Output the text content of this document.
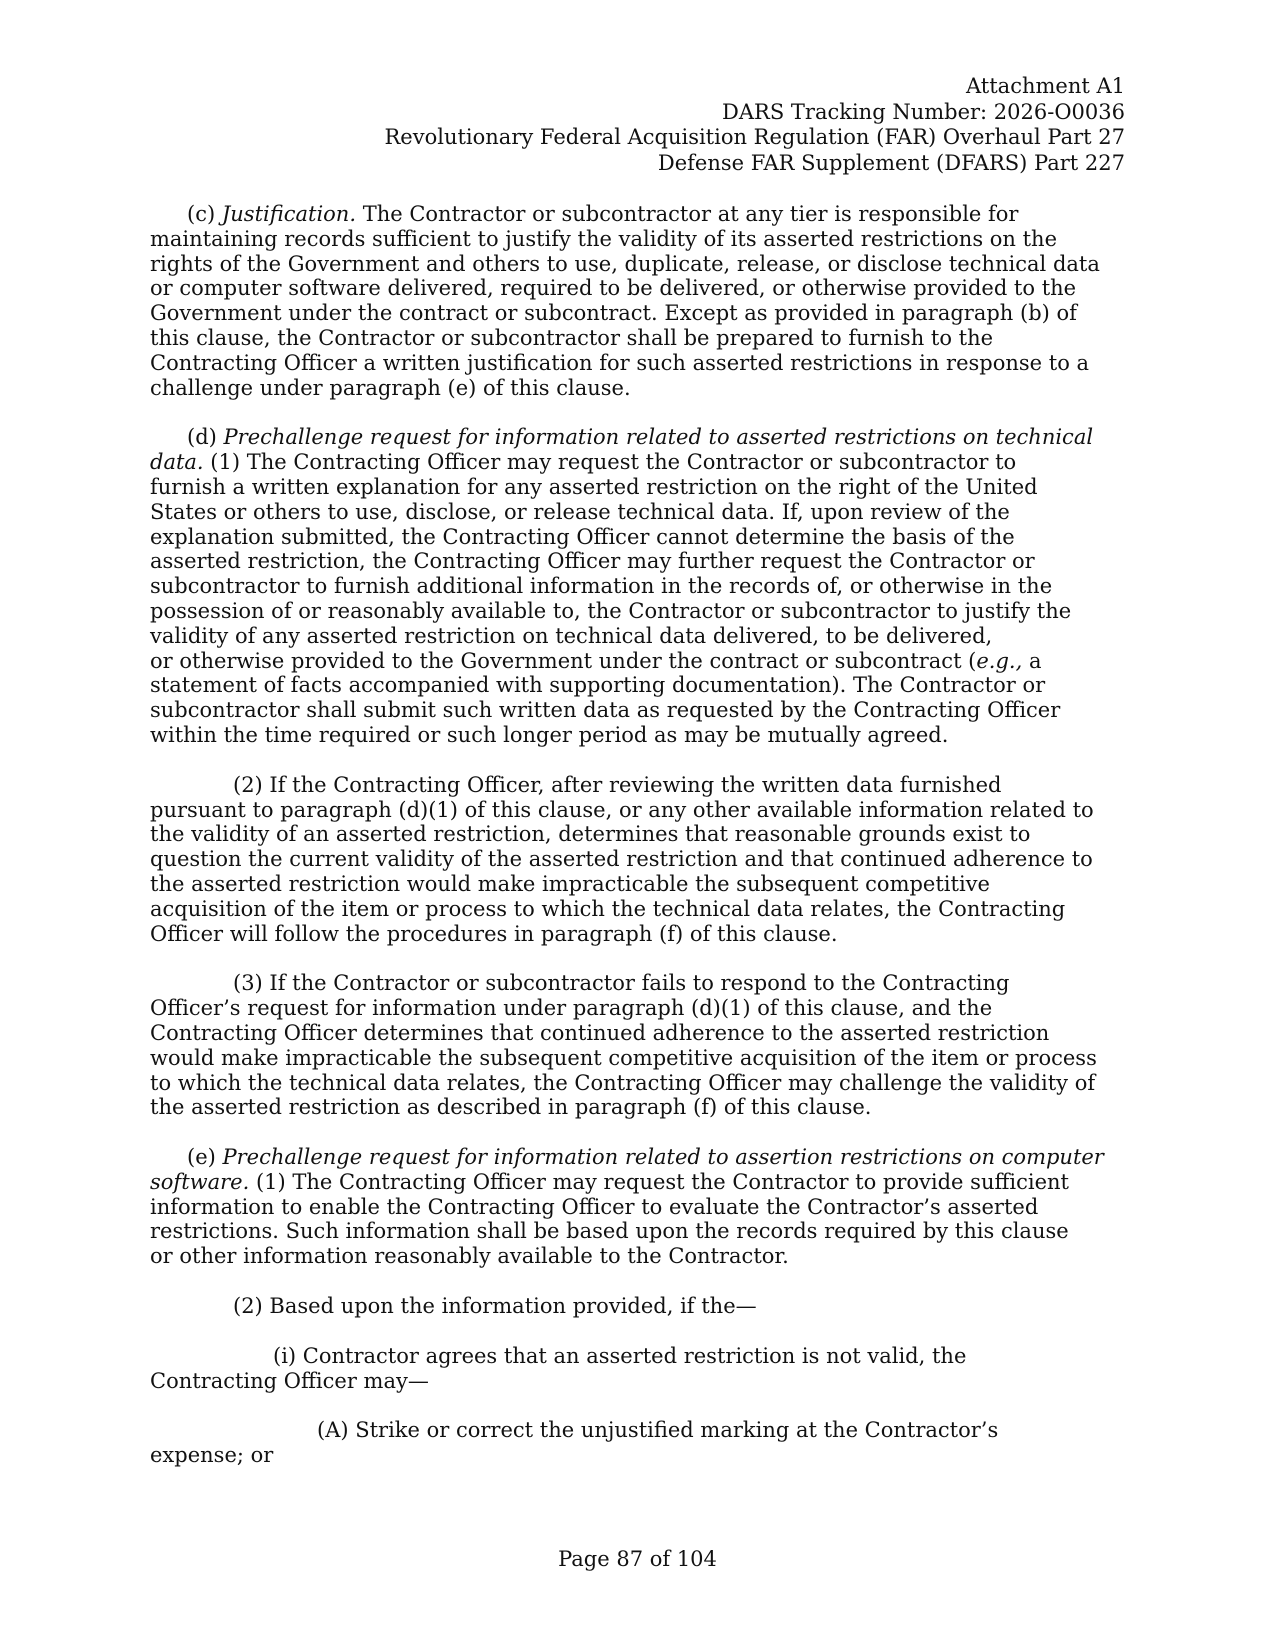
Attachment A1
DARS Tracking Number: 2026-O0036
Revolutionary Federal Acquisition Regulation (FAR) Overhaul Part 27
Defense FAR Supplement (DFARS) Part 227

(c) Justification. The Contractor or subcontractor at any tier is responsible for
maintaining records sufficient to justify the validity of its asserted restrictions on the
rights of the Government and others to use, duplicate, release, or disclose technical data
or computer software delivered, required to be delivered, or otherwise provided to the
Government under the contract or subcontract. Except as provided in paragraph (b) of
this clause, the Contractor or subcontractor shall be prepared to furnish to the
Contracting Officer a written justification for such asserted restrictions in response to a
challenge under paragraph (e) of this clause.

(d) Prechallenge request for information related to asserted restrictions on technical
data. (1) The Contracting Officer may request the Contractor or subcontractor to
furnish a written explanation for any asserted restriction on the right of the United
States or others to use, disclose, or release technical data. If, upon review of the
explanation submitted, the Contracting Officer cannot determine the basis of the
asserted restriction, the Contracting Officer may further request the Contractor or
subcontractor to furnish additional information in the records of, or otherwise in the
possession of or reasonably available to, the Contractor or subcontractor to justify the
validity of any asserted restriction on technical data delivered, to be delivered,
or otherwise provided to the Government under the contract or subcontract (e.g., a
statement of facts accompanied with supporting documentation). The Contractor or
subcontractor shall submit such written data as requested by the Contracting Officer
within the time required or such longer period as may be mutually agreed.

(2) If the Contracting Officer, after reviewing the written data furnished
pursuant to paragraph (d)(1) of this clause, or any other available information related to
the validity of an asserted restriction, determines that reasonable grounds exist to
question the current validity of the asserted restriction and that continued adherence to
the asserted restriction would make impracticable the subsequent competitive
acquisition of the item or process to which the technical data relates, the Contracting
Officer will follow the procedures in paragraph (f) of this clause.

(3) If the Contractor or subcontractor fails to respond to the Contracting
Officer’s request for information under paragraph (d)(1) of this clause, and the
Contracting Officer determines that continued adherence to the asserted restriction
would make impracticable the subsequent competitive acquisition of the item or process
to which the technical data relates, the Contracting Officer may challenge the validity of
the asserted restriction as described in paragraph (f) of this clause.

(e) Prechallenge request for information related to assertion restrictions on computer
software. (1) The Contracting Officer may request the Contractor to provide sufficient
information to enable the Contracting Officer to evaluate the Contractor’s asserted
restrictions. Such information shall be based upon the records required by this clause
or other information reasonably available to the Contractor.

(2) Based upon the information provided, if the—

(i) Contractor agrees that an asserted restriction is not valid, the
Contracting Officer may—

(A) Strike or correct the unjustified marking at the Contractor’s
expense; or

Page 87 of 104
